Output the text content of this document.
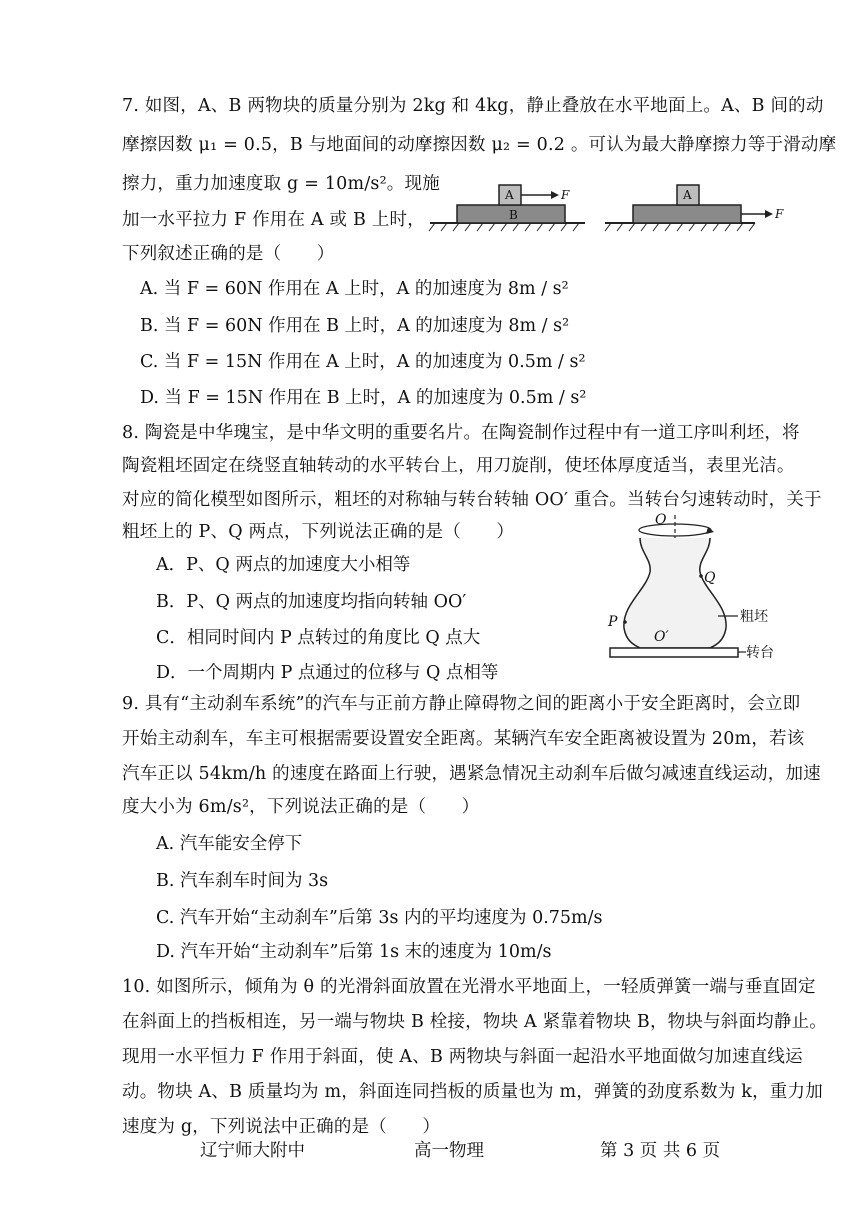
7. 如图，A、B 两物块的质量分别为 2kg 和 4kg，静止叠放在水平地面上。A、B 间的动
摩擦因数 μ₁ = 0.5，B 与地面间的动摩擦因数 μ₂ = 0.2 。可认为最大静摩擦力等于滑动摩
擦力，重力加速度取 g = 10m/s²。现施
加一水平拉力 F 作用在 A 或 B 上时，
下列叙述正确的是（　　）
A
B
F	A
F
A. 当 F = 60N 作用在 A 上时，A 的加速度为 8m / s²
B. 当 F = 60N 作用在 B 上时，A 的加速度为 8m / s²
C. 当 F = 15N 作用在 A 上时，A 的加速度为 0.5m / s²
D. 当 F = 15N 作用在 B 上时，A 的加速度为 0.5m / s²
8. 陶瓷是中华瑰宝，是中华文明的重要名片。在陶瓷制作过程中有一道工序叫利坯，将
陶瓷粗坯固定在绕竖直轴转动的水平转台上，用刀旋削，使坯体厚度适当，表里光洁。
对应的简化模型如图所示，粗坯的对称轴与转台转轴 OO′ 重合。当转台匀速转动时，关于
粗坯上的 P、Q 两点，下列说法正确的是（　　）
A．P、Q 两点的加速度大小相等
B．P、Q 两点的加速度均指向转轴 OO′
C．相同时间内 P 点转过的角度比 Q 点大
D．一个周期内 P 点通过的位移与 Q 点相等
O
Q
P
O′
粗坯
转台
9. 具有“主动刹车系统”的汽车与正前方静止障碍物之间的距离小于安全距离时，会立即
开始主动刹车，车主可根据需要设置安全距离。某辆汽车安全距离被设置为 20m，若该
汽车正以 54km/h 的速度在路面上行驶，遇紧急情况主动刹车后做匀减速直线运动，加速
度大小为 6m/s²，下列说法正确的是（　　）
A. 汽车能安全停下
B. 汽车刹车时间为 3s
C. 汽车开始“主动刹车”后第 3s 内的平均速度为 0.75m/s
D. 汽车开始“主动刹车”后第 1s 末的速度为 10m/s
10. 如图所示，倾角为 θ 的光滑斜面放置在光滑水平地面上，一轻质弹簧一端与垂直固定
在斜面上的挡板相连，另一端与物块 B 栓接，物块 A 紧靠着物块 B，物块与斜面均静止。
现用一水平恒力 F 作用于斜面，使 A、B 两物块与斜面一起沿水平地面做匀加速直线运
动。物块 A、B 质量均为 m，斜面连同挡板的质量也为 m，弹簧的劲度系数为 k，重力加
速度为 g，下列说法中正确的是（　　）
辽宁师大附中	高一物理	第 3 页 共 6 页
